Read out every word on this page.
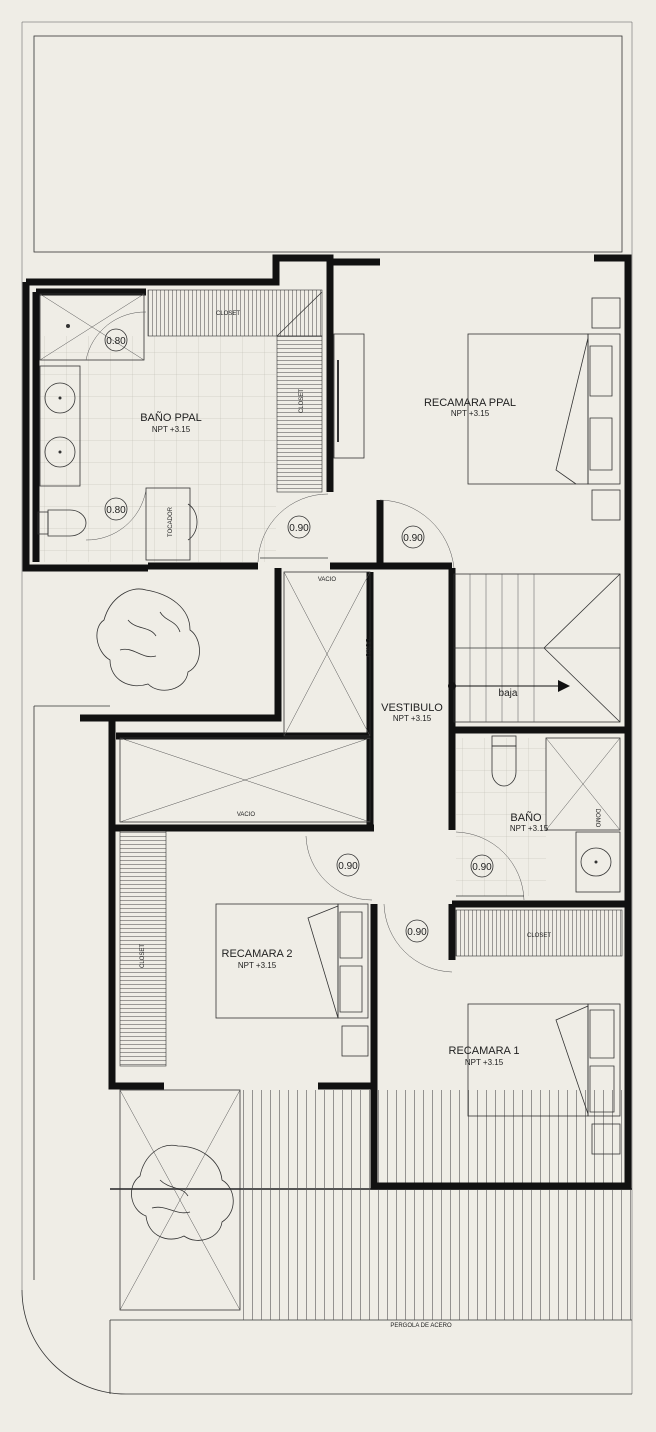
0.80
0.80
0.90
0.90
0.90
0.90
0.90
BAÑO PPAL
NPT +3.15
RECAMARA PPAL
NPT +3.15
VESTIBULO
NPT +3.15
BAÑO
NPT +3.15
RECAMARA 2
NPT +3.15
RECAMARA 1
NPT +3.15
CLOSET
CLOSET
CLOSET
CLOSET
TOCADOR
VACIO
VACIO
DOMO
DOMO
baja
PERGOLA DE ACERO
